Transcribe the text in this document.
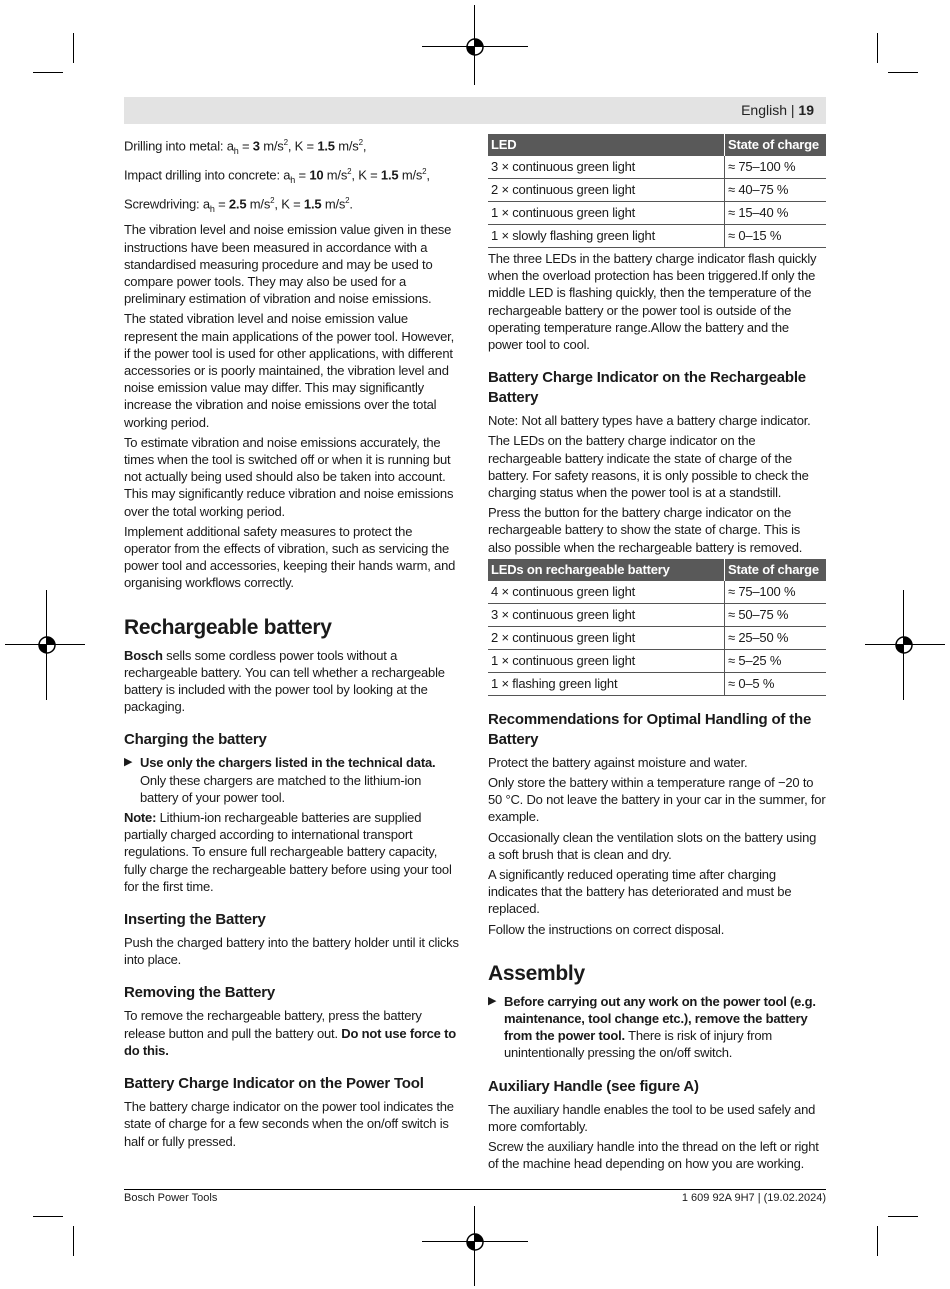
English | 19

Drilling into metal: $a_h = 3$ $m/s^2$, K = 1.5 $m/s^2$,

Impact drilling into concrete: $a_h = 10$ $m/s^2$, K = 1.5 $m/s^2$,

Screwdriving: $a_h = 2.5$ $m/s^2$, K = 1.5 $m/s^2$.

The vibration level and noise emission value given in these instructions have been measured in accordance with a standardised measuring procedure and may be used to compare power tools. They may also be used for a preliminary estimation of vibration and noise emissions.

The stated vibration level and noise emission value represent the main applications of the power tool. However, if the power tool is used for other applications, with different accessories or is poorly maintained, the vibration level and noise emission value may differ. This may significantly increase the vibration and noise emissions over the total working period.

To estimate vibration and noise emissions accurately, the times when the tool is switched off or when it is running but not actually being used should also be taken into account. This may significantly reduce vibration and noise emissions over the total working period.

Implement additional safety measures to protect the operator from the effects of vibration, such as servicing the power tool and accessories, keeping their hands warm, and organising workflows correctly.

Rechargeable battery

Bosch sells some cordless power tools without a rechargeable battery. You can tell whether a rechargeable battery is included with the power tool by looking at the packaging.

Charging the battery

▶ Use only the chargers listed in the technical data. Only these chargers are matched to the lithium-ion battery of your power tool.

Note: Lithium-ion rechargeable batteries are supplied partially charged according to international transport regulations. To ensure full rechargeable battery capacity, fully charge the rechargeable battery before using your tool for the first time.

Inserting the Battery

Push the charged battery into the battery holder until it clicks into place.

Removing the Battery

To remove the rechargeable battery, press the battery release button and pull the battery out. Do not use force to do this.

Battery Charge Indicator on the Power Tool

The battery charge indicator on the power tool indicates the state of charge for a few seconds when the on/off switch is half or fully pressed.

LED	State of charge
3 × continuous green light	≈ 75–100 %
2 × continuous green light	≈ 40–75 %
1 × continuous green light	≈ 15–40 %
1 × slowly flashing green light	≈ 0–15 %

The three LEDs in the battery charge indicator flash quickly when the overload protection has been triggered.If only the middle LED is flashing quickly, then the temperature of the rechargeable battery or the power tool is outside of the operating temperature range.Allow the battery and the power tool to cool.

Battery Charge Indicator on the Rechargeable Battery

Note: Not all battery types have a battery charge indicator.

The LEDs on the battery charge indicator on the rechargeable battery indicate the state of charge of the battery. For safety reasons, it is only possible to check the charging status when the power tool is at a standstill.

Press the button for the battery charge indicator on the rechargeable battery to show the state of charge. This is also possible when the rechargeable battery is removed.

LEDs on rechargeable battery	State of charge
4 × continuous green light	≈ 75–100 %
3 × continuous green light	≈ 50–75 %
2 × continuous green light	≈ 25–50 %
1 × continuous green light	≈ 5–25 %
1 × flashing green light	≈ 0–5 %
Recommendations for Optimal Handling of the Battery

Protect the battery against moisture and water.

Only store the battery within a temperature range of −20 to 50 °C. Do not leave the battery in your car in the summer, for example.

Occasionally clean the ventilation slots on the battery using a soft brush that is clean and dry.

A significantly reduced operating time after charging indicates that the battery has deteriorated and must be replaced.

Follow the instructions on correct disposal.

Assembly

▶ Before carrying out any work on the power tool (e.g. maintenance, tool change etc.), remove the battery from the power tool. There is risk of injury from unintentionally pressing the on/off switch.

Auxiliary Handle (see figure A)

The auxiliary handle enables the tool to be used safely and more comfortably.

Screw the auxiliary handle into the thread on the left or right of the machine head depending on how you are working.

Bosch Power Tools	1 609 92A 9H7 | (19.02.2024)
